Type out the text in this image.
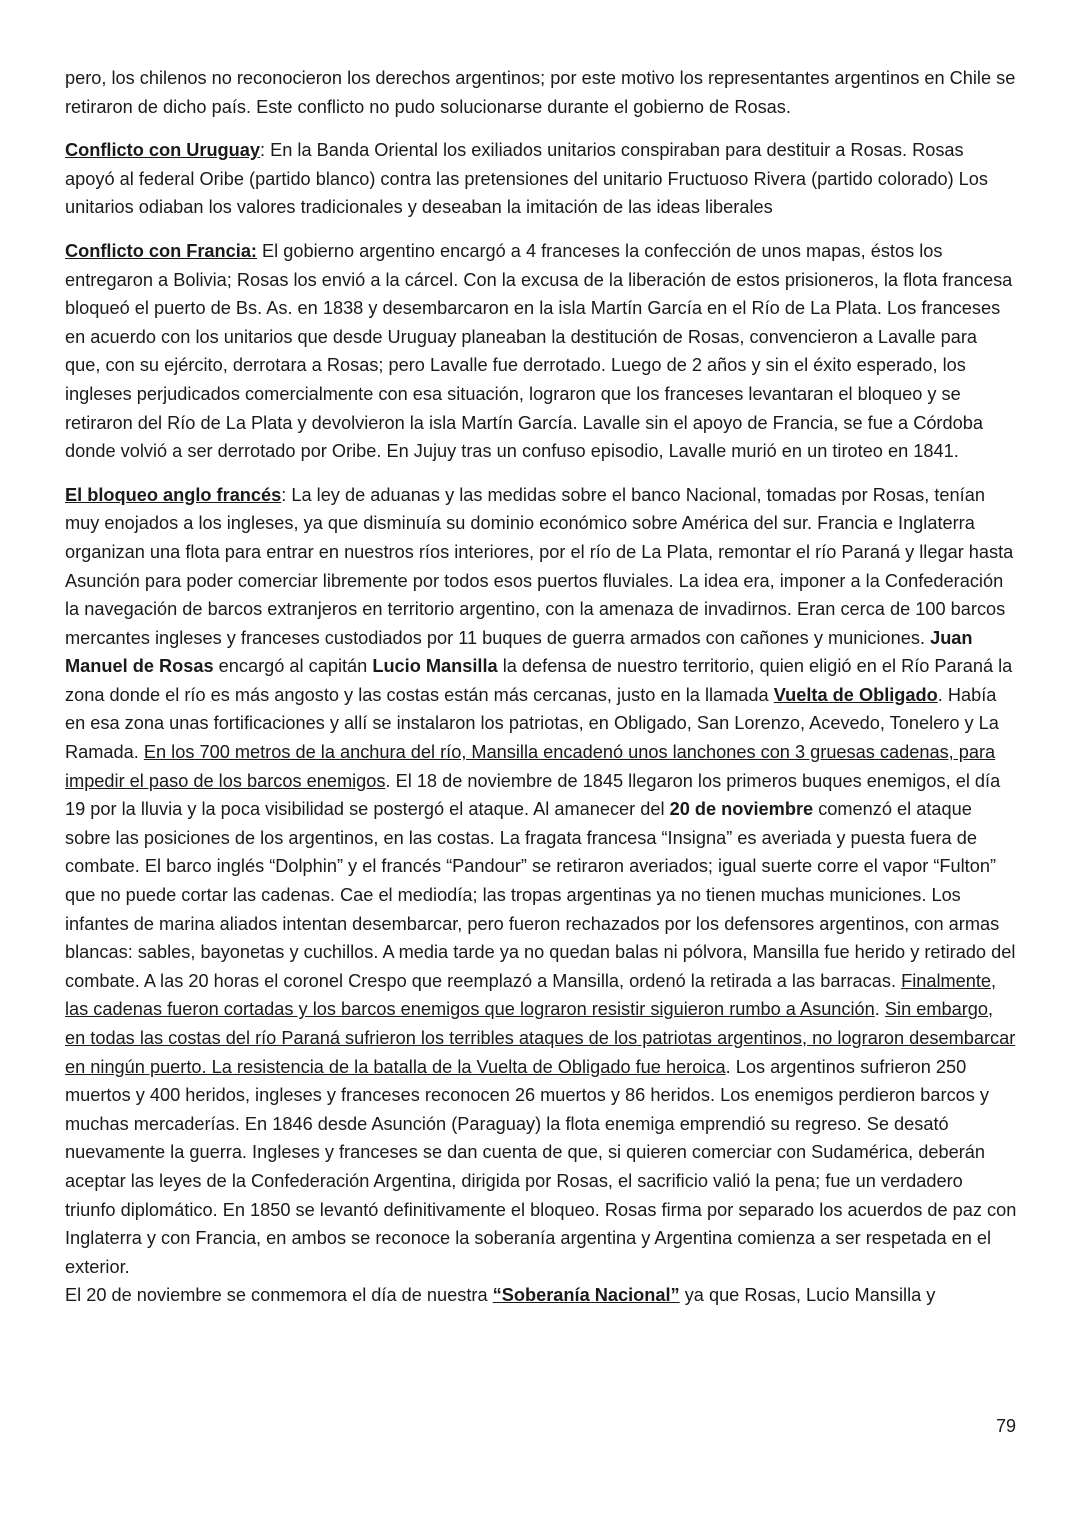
pero, los chilenos no reconocieron los derechos argentinos; por este motivo los representantes argentinos en Chile se retiraron de dicho país. Este conflicto no pudo solucionarse durante el gobierno de Rosas.

Conflicto con Uruguay: En la Banda Oriental los exiliados unitarios conspiraban para destituir a Rosas. Rosas apoyó al federal Oribe (partido blanco) contra las pretensiones del unitario Fructuoso Rivera (partido colorado) Los unitarios odiaban los valores tradicionales y deseaban la imitación de las ideas liberales

Conflicto con Francia: El gobierno argentino encargó a 4 franceses la confección de unos mapas, éstos los entregaron a Bolivia; Rosas los envió a la cárcel. Con la excusa de la liberación de estos prisioneros, la flota francesa bloqueó el puerto de Bs. As. en 1838 y desembarcaron en la isla Martín García en el Río de La Plata. Los franceses en acuerdo con los unitarios que desde Uruguay planeaban la destitución de Rosas, convencieron a Lavalle para que, con su ejército, derrotara a Rosas; pero Lavalle fue derrotado. Luego de 2 años y sin el éxito esperado, los ingleses perjudicados comercialmente con esa situación, lograron que los franceses levantaran el bloqueo y se retiraron del Río de La Plata y devolvieron la isla Martín García. Lavalle sin el apoyo de Francia, se fue a Córdoba donde volvió a ser derrotado por Oribe. En Jujuy tras un confuso episodio, Lavalle murió en un tiroteo en 1841.

El bloqueo anglo francés: La ley de aduanas y las medidas sobre el banco Nacional, tomadas por Rosas, tenían muy enojados a los ingleses, ya que disminuía su dominio económico sobre América del sur. Francia e Inglaterra organizan una flota para entrar en nuestros ríos interiores, por el río de La Plata, remontar el río Paraná y llegar hasta Asunción para poder comerciar libremente por todos esos puertos fluviales. La idea era, imponer a la Confederación la navegación de barcos extranjeros en territorio argentino, con la amenaza de invadirnos. Eran cerca de 100 barcos mercantes ingleses y franceses custodiados por 11 buques de guerra armados con cañones y municiones. Juan Manuel de Rosas encargó al capitán Lucio Mansilla la defensa de nuestro territorio, quien eligió en el Río Paraná la zona donde el río es más angosto y las costas están más cercanas, justo en la llamada Vuelta de Obligado. Había en esa zona unas fortificaciones y allí se instalaron los patriotas, en Obligado, San Lorenzo, Acevedo, Tonelero y La Ramada. En los 700 metros de la anchura del río, Mansilla encadenó unos lanchones con 3 gruesas cadenas, para impedir el paso de los barcos enemigos. El 18 de noviembre de 1845 llegaron los primeros buques enemigos, el día 19 por la lluvia y la poca visibilidad se postergó el ataque. Al amanecer del 20 de noviembre comenzó el ataque sobre las posiciones de los argentinos, en las costas. La fragata francesa “Insigna” es averiada y puesta fuera de combate. El barco inglés “Dolphin” y el francés “Pandour” se retiraron averiados; igual suerte corre el vapor “Fulton” que no puede cortar las cadenas. Cae el mediodía; las tropas argentinas ya no tienen muchas municiones. Los infantes de marina aliados intentan desembarcar, pero fueron rechazados por los defensores argentinos, con armas blancas: sables, bayonetas y cuchillos. A media tarde ya no quedan balas ni pólvora, Mansilla fue herido y retirado del combate. A las 20 horas el coronel Crespo que reemplazó a Mansilla, ordenó la retirada a las barracas. Finalmente, las cadenas fueron cortadas y los barcos enemigos que lograron resistir siguieron rumbo a Asunción. Sin embargo, en todas las costas del río Paraná sufrieron los terribles ataques de los patriotas argentinos, no lograron desembarcar en ningún puerto. La resistencia de la batalla de la Vuelta de Obligado fue heroica. Los argentinos sufrieron 250 muertos y 400 heridos, ingleses y franceses reconocen 26 muertos y 86 heridos. Los enemigos perdieron barcos y muchas mercaderías. En 1846 desde Asunción (Paraguay) la flota enemiga emprendió su regreso. Se desató nuevamente la guerra. Ingleses y franceses se dan cuenta de que, si quieren comerciar con Sudamérica, deberán aceptar las leyes de la Confederación Argentina, dirigida por Rosas, el sacrificio valió la pena; fue un verdadero triunfo diplomático. En 1850 se levantó definitivamente el bloqueo. Rosas firma por separado los acuerdos de paz con Inglaterra y con Francia, en ambos se reconoce la soberanía argentina y Argentina comienza a ser respetada en el exterior.

El 20 de noviembre se conmemora el día de nuestra “Soberanía Nacional” ya que Rosas, Lucio Mansilla y

79
